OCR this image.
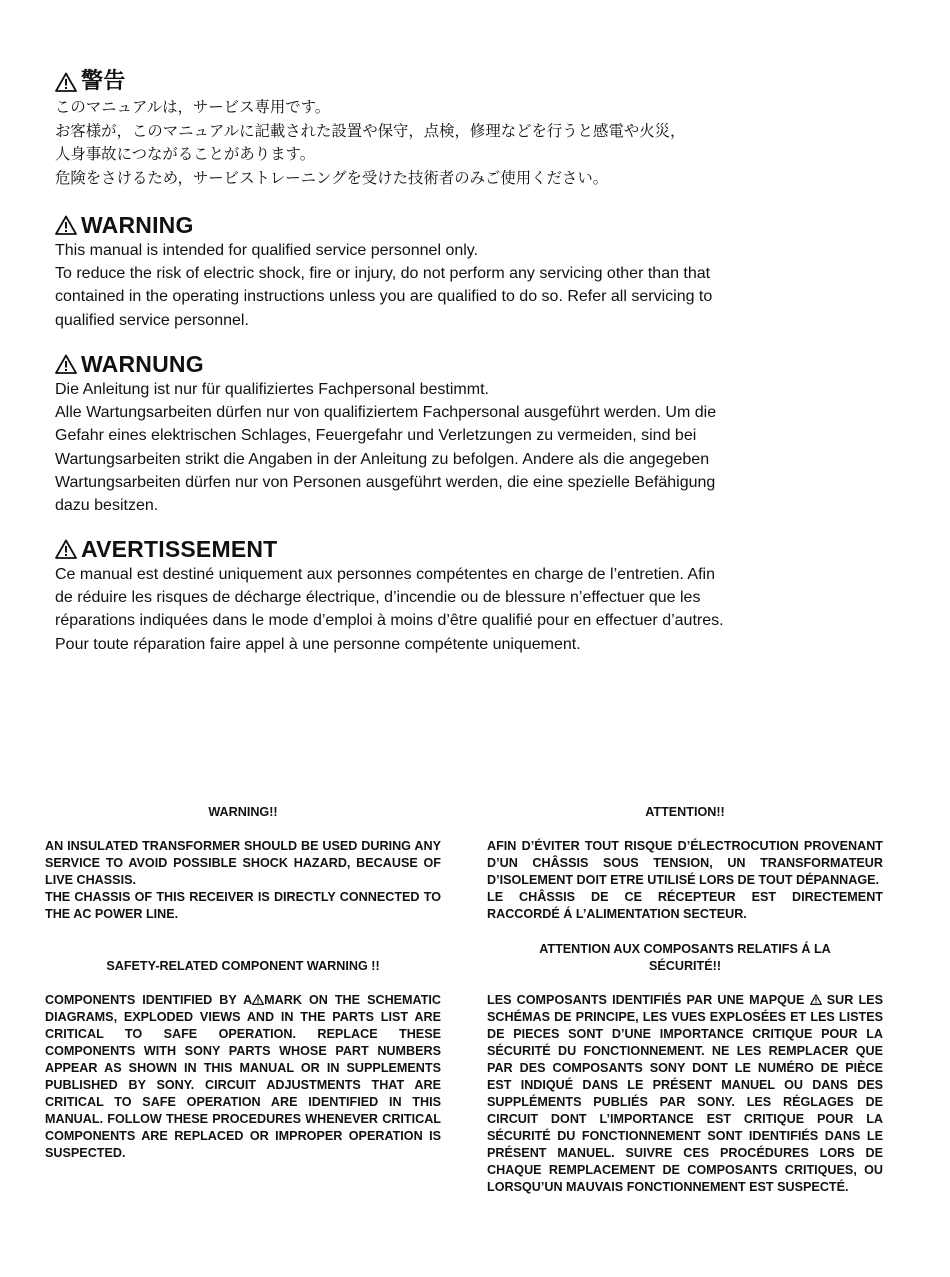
警告

このマニュアルは，サービス専用です。

お客様が，このマニュアルに記載された設置や保守，点検，修理などを行うと感電や火災，

人身事故につながることがあります。

危険をさけるため，サービストレーニングを受けた技術者のみご使用ください。

WARNING

This manual is intended for qualified service personnel only.

To reduce the risk of electric shock, fire or injury, do not perform any servicing other than that

contained in the operating instructions unless you are qualified to do so. Refer all servicing to

qualified service personnel.

WARNUNG

Die Anleitung ist nur für qualifiziertes Fachpersonal bestimmt.

Alle Wartungsarbeiten dürfen nur von qualifiziertem Fachpersonal ausgeführt werden. Um die

Gefahr eines elektrischen Schlages, Feuergefahr und Verletzungen zu vermeiden, sind bei

Wartungsarbeiten strikt die Angaben in der Anleitung zu befolgen. Andere als die angegeben

Wartungsarbeiten dürfen nur von Personen ausgeführt werden, die eine spezielle Befähigung

dazu besitzen.

AVERTISSEMENT

Ce manual est destiné uniquement aux personnes compétentes en charge de l’entretien. Afin

de réduire les risques de décharge électrique, d’incendie ou de blessure n’effectuer que les

réparations indiquées dans le mode d’emploi à moins d’être qualifié pour en effectuer d’autres.

Pour toute réparation faire appel à une personne compétente uniquement.

WARNING!!

AN INSULATED TRANSFORMER SHOULD BE USED DURING ANY SERVICE TO AVOID POSSIBLE SHOCK HAZARD, BECAUSE OF LIVE CHASSIS.

THE CHASSIS OF THIS RECEIVER IS DIRECTLY CONNECTED TO THE AC POWER LINE.

SAFETY-RELATED COMPONENT WARNING !!

COMPONENTS IDENTIFIED BY A MARK ON THE SCHEMATIC DIAGRAMS, EXPLODED VIEWS AND IN THE PARTS LIST ARE CRITICAL TO SAFE OPERATION. REPLACE THESE COMPONENTS WITH SONY PARTS WHOSE PART NUMBERS APPEAR AS SHOWN IN THIS MANUAL OR IN SUPPLEMENTS PUBLISHED BY SONY. CIRCUIT ADJUSTMENTS THAT ARE CRITICAL TO SAFE OPERATION ARE IDENTIFIED IN THIS MANUAL. FOLLOW THESE PROCEDURES WHENEVER CRITICAL COMPONENTS ARE REPLACED OR IMPROPER OPERATION IS SUSPECTED.

ATTENTION!!

AFIN D’ÉVITER TOUT RISQUE D’ÉLECTROCUTION PROVENANT D’UN CHÂSSIS SOUS TENSION, UN TRANSFORMATEUR D’ISOLEMENT DOIT ETRE UTILISÉ LORS DE TOUT DÉPANNAGE.

LE CHÂSSIS DE CE RÉCEPTEUR EST DIRECTEMENT RACCORDÉ Á L’ALIMENTATION SECTEUR.

ATTENTION AUX COMPOSANTS RELATIFS Á LA
SÉCURITÉ!!

LES COMPOSANTS IDENTIFIÉS PAR UNE MAPQUE SUR LES SCHÉMAS DE PRINCIPE, LES VUES EXPLOSÉES ET LES LISTES DE PIECES SONT D’UNE IMPORTANCE CRITIQUE POUR LA SÉCURITÉ DU FONCTIONNEMENT. NE LES REMPLACER QUE PAR DES COMPOSANTS SONY DONT LE NUMÉRO DE PIÈCE EST INDIQUÉ DANS LE PRÉSENT MANUEL OU DANS DES SUPPLÉMENTS PUBLIÉS PAR SONY. LES RÉGLAGES DE CIRCUIT DONT L’IMPORTANCE EST CRITIQUE POUR LA SÉCURITÉ DU FONCTIONNEMENT SONT IDENTIFIÉS DANS LE PRÉSENT MANUEL. SUIVRE CES PROCÉDURES LORS DE CHAQUE REMPLACEMENT DE COMPOSANTS CRITIQUES, OU LORSQU’UN MAUVAIS FONCTIONNEMENT EST SUSPECTÉ.
